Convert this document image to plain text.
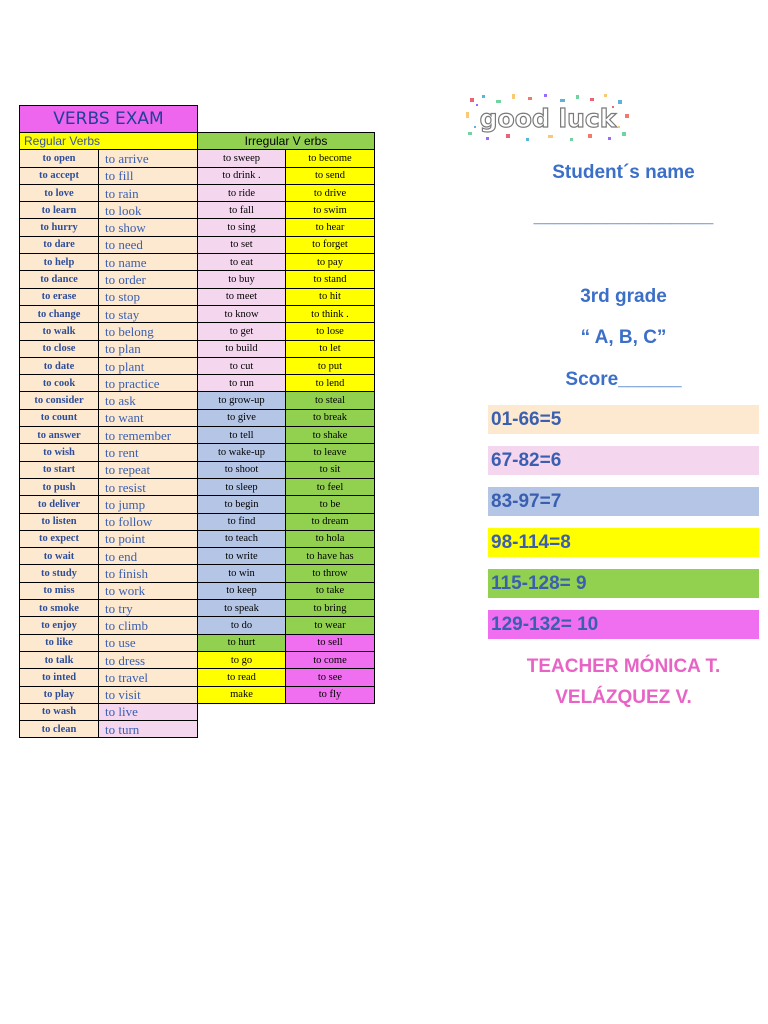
VERBS EXAM			
Regular Verbs		Irregular V erbs	
to open	to arrive	to sweep	to become
to accept	to fill	to drink .	to send
to love	to rain	to ride	to drive
to learn	to look	to fall	to swim
to hurry	to show	to sing	to hear
to dare	to need	to set	to forget
to help	to name	to eat	to pay
to dance	to order	to buy	to stand
to erase	to stop	to meet	to hit
to change	to stay	to know	to think .
to walk	to belong	to get	to lose
to close	to plan	to build	to let
to date	to plant	to cut	to put
to cook	to practice	to run	to lend
to consider	to ask	to grow-up	to steal
to count	to want	to give	to break
to answer	to remember	to tell	to shake
to wish	to rent	to wake-up	to leave
to start	to repeat	to shoot	to sit
to push	to resist	to sleep	to feel
to deliver	to jump	to begin	to be
to listen	to follow	to find	to dream
to expect	to point	to teach	to hola
to wait	to end	to write	to have has
to study	to finish	to win	to throw
to miss	to work	to keep	to take
to smoke	to try	to speak	to bring
to enjoy	to climb	to do	to wear
to like	to use	to hurt	to sell
to talk	to dress	to go	to come
to inted	to travel	to read	to see
to play	to visit	make	to fly
to wash	to live		
to clean	to turn		
good luck
Student´s name
_________________
3rd grade
“ A, B, C”
Score______
01-66=5
67-82=6
83-97=7
98-114=8
115-128= 9
129-132= 10
TEACHER MÓNICA T.
VELÁZQUEZ V.
